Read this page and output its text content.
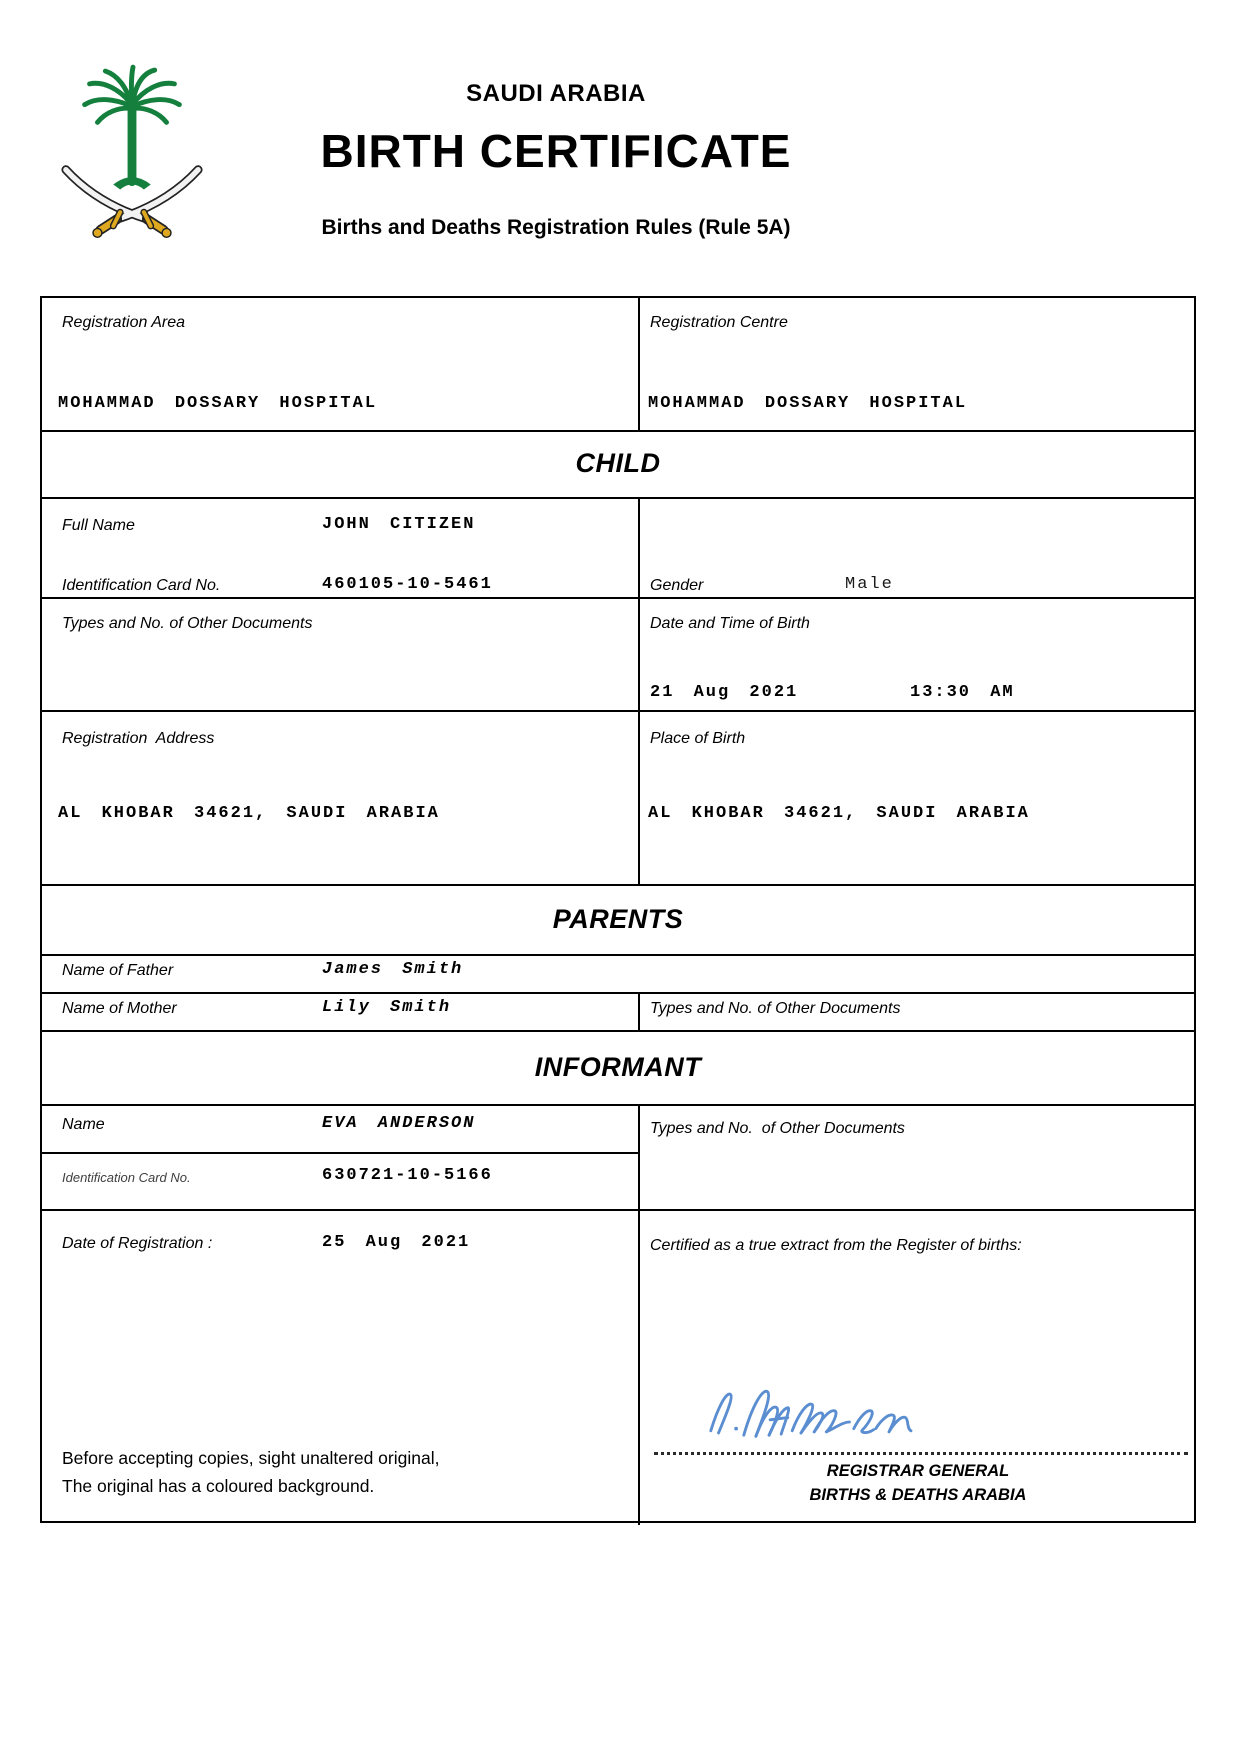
SAUDI ARABIA
BIRTH CERTIFICATE
Births and Deaths Registration Rules (Rule 5A)
Registration Area	Registration Centre
MOHAMMAD DOSSARY HOSPITAL	MOHAMMAD DOSSARY HOSPITAL
CHILD
Full Name	JOHN CITIZEN
Identification Card No.	460105-10-5461	Gender	Male
Types and No. of Other Documents	Date and Time of Birth
21 Aug 2021	13:30 AM
Registration  Address	Place of Birth
AL KHOBAR 34621, SAUDI ARABIA	AL KHOBAR 34621, SAUDI ARABIA
PARENTS
Name of Father	James Smith
Name of Mother	Lily Smith	Types and No. of Other Documents
INFORMANT
Name	EVA ANDERSON	Types and No.  of Other Documents
Identification Card No.	630721-10-5166
Date of Registration :	25 Aug 2021	Certified as a true extract from the Register of births:
REGISTRAR GENERAL
BIRTHS & DEATHS ARABIA
Before accepting copies, sight unaltered original,
The original has a coloured background.
